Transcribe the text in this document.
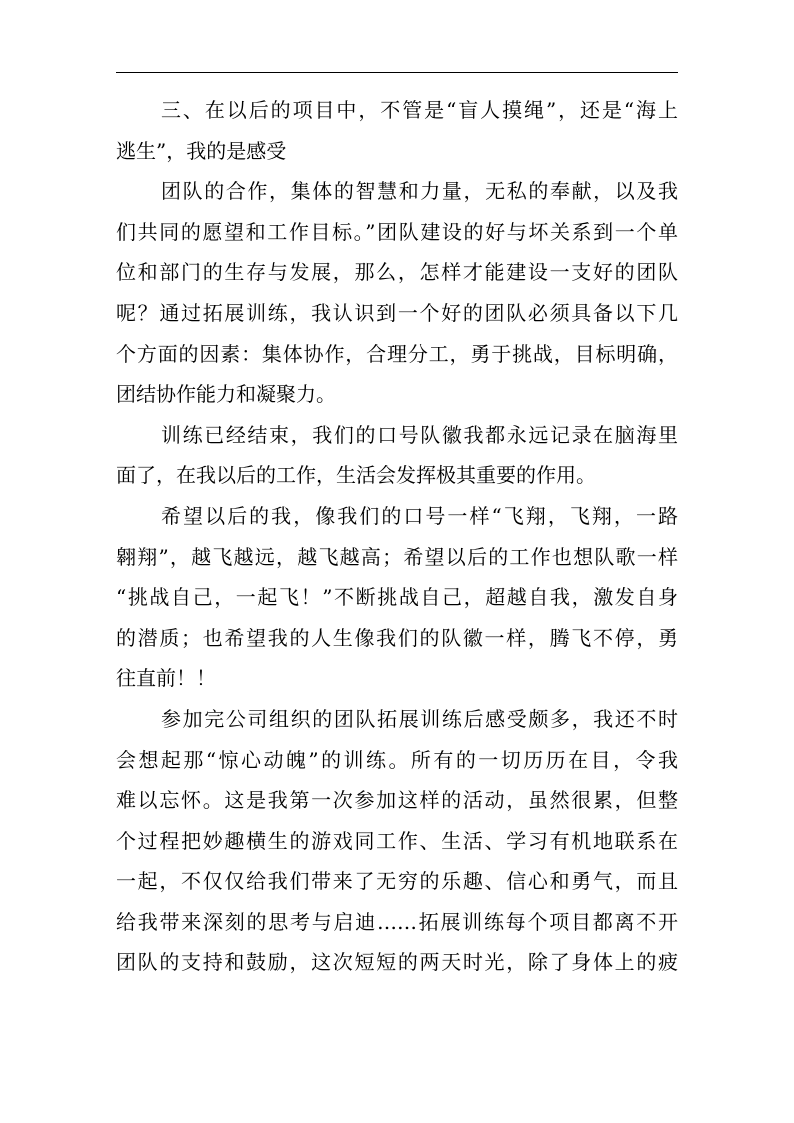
三、在以后的项目中，不管是“盲人摸绳”，还是“海上
逃生”，我的是感受
团队的合作，集体的智慧和力量，无私的奉献，以及我
们共同的愿望和工作目标。”团队建设的好与坏关系到一个单
位和部门的生存与发展，那么，怎样才能建设一支好的团队
呢？通过拓展训练，我认识到一个好的团队必须具备以下几
个方面的因素：集体协作，合理分工，勇于挑战，目标明确，
团结协作能力和凝聚力。
训练已经结束，我们的口号队徽我都永远记录在脑海里
面了，在我以后的工作，生活会发挥极其重要的作用。
希望以后的我，像我们的口号一样“飞翔，飞翔，一路
翱翔”，越飞越远，越飞越高；希望以后的工作也想队歌一样
“挑战自己，一起飞！”不断挑战自己，超越自我，激发自身
的潜质；也希望我的人生像我们的队徽一样，腾飞不停，勇
往直前！！
参加完公司组织的团队拓展训练后感受颇多，我还不时
会想起那“惊心动魄”的训练。所有的一切历历在目，令我
难以忘怀。这是我第一次参加这样的活动，虽然很累，但整
个过程把妙趣横生的游戏同工作、生活、学习有机地联系在
一起，不仅仅给我们带来了无穷的乐趣、信心和勇气，而且
给我带来深刻的思考与启迪……拓展训练每个项目都离不开
团队的支持和鼓励，这次短短的两天时光，除了身体上的疲
